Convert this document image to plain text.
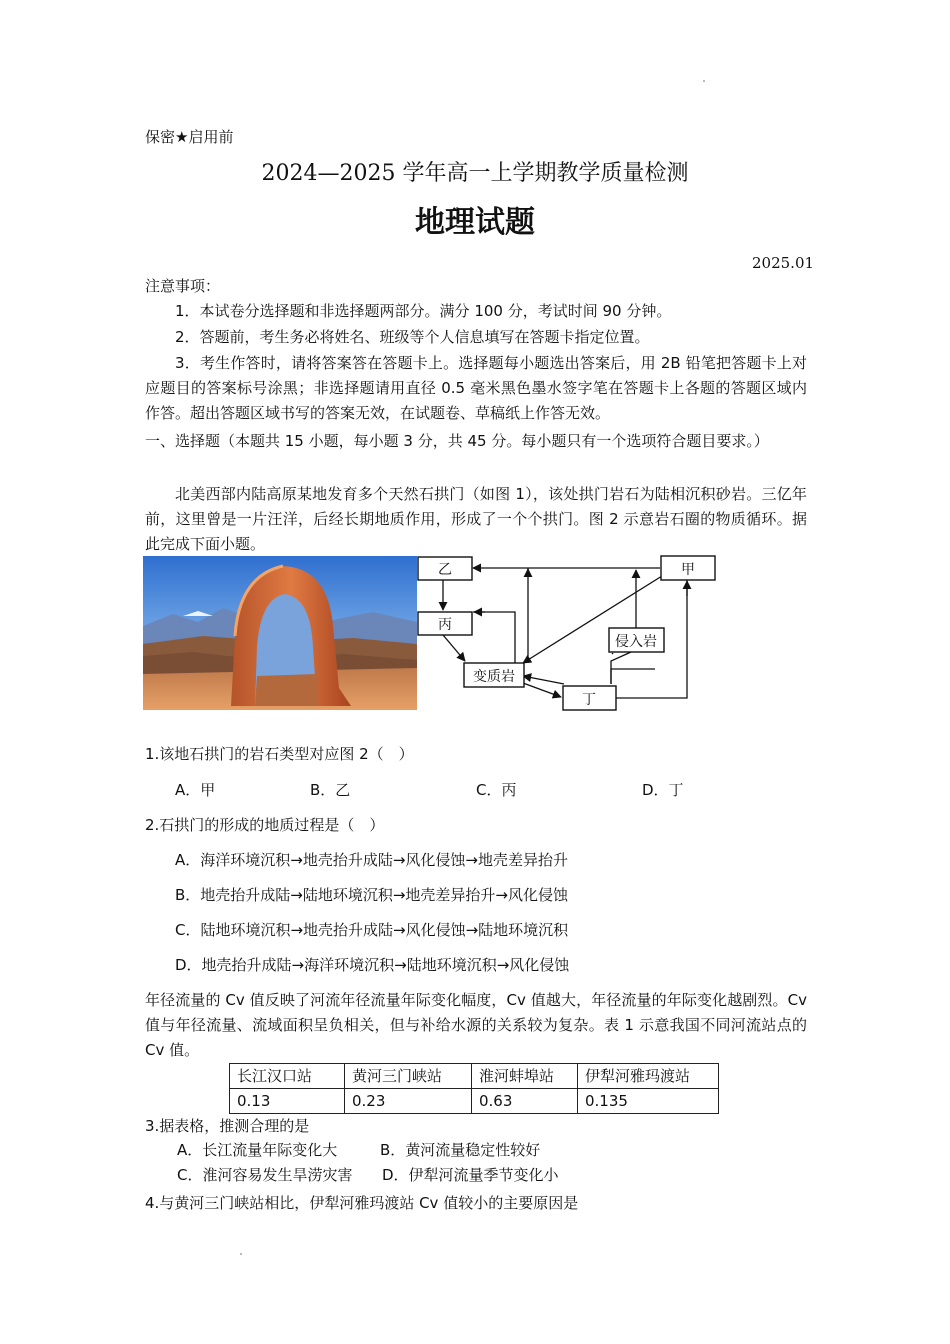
保密★启用前
2024—2025 学年高一上学期教学质量检测
地理试题
2025.01
注意事项：
1．本试卷分选择题和非选择题两部分。满分 100 分，考试时间 90 分钟。
2．答题前，考生务必将姓名、班级等个人信息填写在答题卡指定位置。
3．考生作答时，请将答案答在答题卡上。选择题每小题选出答案后，用 2B 铅笔把答题卡上对应题目的答案标号涂黑；非选择题请用直径 0.5 毫米黑色墨水签字笔在答题卡上各题的答题区域内作答。超出答题区域书写的答案无效，在试题卷、草稿纸上作答无效。
一、选择题（本题共 15 小题，每小题 3 分，共 45 分。每小题只有一个选项符合题目要求。）
北美西部内陆高原某地发育多个天然石拱门（如图 1），该处拱门岩石为陆相沉积砂岩。三亿年前，这里曾是一片汪洋，后经长期地质作用，形成了一个个拱门。图 2 示意岩石圈的物质循环。据此完成下面小题。
甲
乙
丙
变质岩
丁
侵入岩
1.该地石拱门的岩石类型对应图 2（　）
A．甲	B．乙	C．丙	D．丁
2.石拱门的形成的地质过程是（　）
A．海洋环境沉积→地壳抬升成陆→风化侵蚀→地壳差异抬升
B．地壳抬升成陆→陆地环境沉积→地壳差异抬升→风化侵蚀
C．陆地环境沉积→地壳抬升成陆→风化侵蚀→陆地环境沉积
D．地壳抬升成陆→海洋环境沉积→陆地环境沉积→风化侵蚀
年径流量的 Cv 值反映了河流年径流量年际变化幅度，Cv 值越大，年径流量的年际变化越剧烈。Cv 值与年径流量、流域面积呈负相关，但与补给水源的关系较为复杂。表 1 示意我国不同河流站点的 Cv 值。
长江汉口站	黄河三门峡站	淮河蚌埠站	伊犁河雅玛渡站
0.13	0.23	0.63	0.135
3.据表格，推测合理的是
A．长江流量年际变化大	B．黄河流量稳定性较好
C．淮河容易发生旱涝灾害 D．伊犁河流量季节变化小
4.与黄河三门峡站相比，伊犁河雅玛渡站 Cv 值较小的主要原因是
